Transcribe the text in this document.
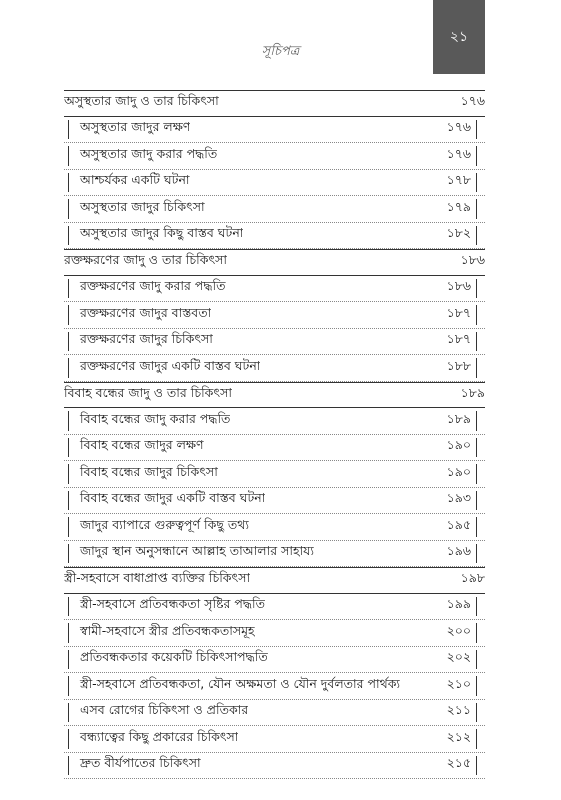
সূচিপত্র
২১
অসুস্থতার জাদু ও তার চিকিৎসা	১৭৬
অসুস্থতার জাদুর লক্ষণ	১৭৬
অসুস্থতার জাদু করার পদ্ধতি	১৭৬
আশ্চর্যকর একটি ঘটনা	১৭৮
অসুস্থতার জাদুর চিকিৎসা	১৭৯
অসুস্থতার জাদুর কিছু বাস্তব ঘটনা	১৮২
রক্তক্ষরণের জাদু ও তার চিকিৎসা	১৮৬
রক্তক্ষরণের জাদু করার পদ্ধতি	১৮৬
রক্তক্ষরণের জাদুর বাস্তবতা	১৮৭
রক্তক্ষরণের জাদুর চিকিৎসা	১৮৭
রক্তক্ষরণের জাদুর একটি বাস্তব ঘটনা	১৮৮
বিবাহ বন্ধের জাদু ও তার চিকিৎসা	১৮৯
বিবাহ বন্ধের জাদু করার পদ্ধতি	১৮৯
বিবাহ বন্ধের জাদুর লক্ষণ	১৯০
বিবাহ বন্ধের জাদুর চিকিৎসা	১৯০
বিবাহ বন্ধের জাদুর একটি বাস্তব ঘটনা	১৯৩
জাদুর ব্যাপারে গুরুত্বপূর্ণ কিছু তথ্য	১৯৫
জাদুর স্থান অনুসন্ধানে আল্লাহ তাআলার সাহায্য	১৯৬
স্ত্রী-সহবাসে বাধাপ্রাপ্ত ব্যক্তির চিকিৎসা	১৯৮
স্ত্রী-সহবাসে প্রতিবন্ধকতা সৃষ্টির পদ্ধতি	১৯৯
স্বামী-সহবাসে স্ত্রীর প্রতিবন্ধকতাসমূহ	২০০
প্রতিবন্ধকতার কয়েকটি চিকিৎসাপদ্ধতি	২০২
স্ত্রী-সহবাসে প্রতিবন্ধকতা, যৌন অক্ষমতা ও যৌন দুর্বলতার পার্থক্য	২১০
এসব রোগের চিকিৎসা ও প্রতিকার	২১১
বন্ধ্যাত্বের কিছু প্রকারের চিকিৎসা	২১২
দ্রুত বীর্যপাতের চিকিৎসা	২১৫
